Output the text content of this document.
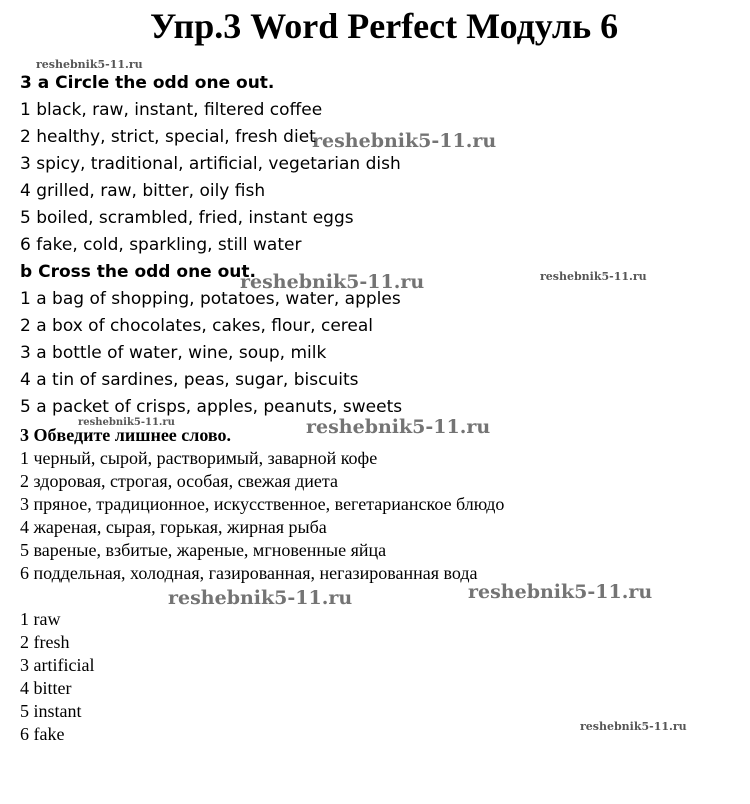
Упр.3 Word Perfect Модуль 6
reshebnik5-11.ru
reshebnik5-11.ru
reshebnik5-11.ru	reshebnik5-11.ru
reshebnik5-11.ru	reshebnik5-11.ru
reshebnik5-11.ru	reshebnik5-11.ru
reshebnik5-11.ru
3 a Circle the odd one out.
1 black, raw, instant, filtered coffee
2 healthy, strict, special, fresh diet
3 spicy, traditional, artificial, vegetarian dish
4 grilled, raw, bitter, oily fish
5 boiled, scrambled, fried, instant eggs
6 fake, cold, sparkling, still water
b Cross the odd one out.
1 a bag of shopping, potatoes, water, apples
2 a box of chocolates, cakes, flour, cereal
3 a bottle of water, wine, soup, milk
4 a tin of sardines, peas, sugar, biscuits
5 a packet of crisps, apples, peanuts, sweets
3 Обведите лишнее слово.
1 черный, сырой, растворимый, заварной кофе
2 здоровая, строгая, особая, свежая диета
3 пряное, традиционное, искусственное, вегетарианское блюдо
4 жареная, сырая, горькая, жирная рыба
5 вареные, взбитые, жареные, мгновенные яйца
6 поддельная, холодная, газированная, негазированная вода
1 raw
2 fresh
3 artificial
4 bitter
5 instant
6 fake
